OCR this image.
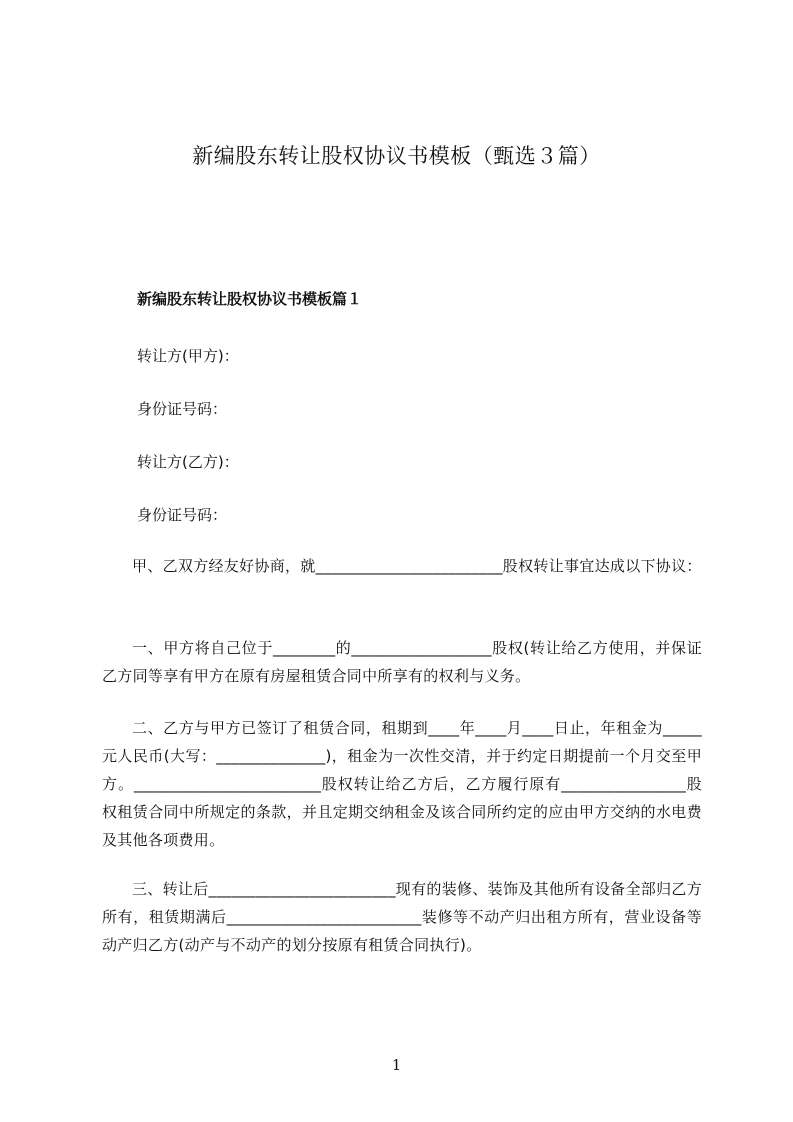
新编股东转让股权协议书模板（甄选３篇）
新编股东转让股权协议书模板篇１

转让方(甲方)：

身份证号码：

转让方(乙方)：

身份证号码：

甲、乙双方经友好协商，就________________________股权转让事宜达成以下协议：

一、甲方将自己位于________的__________________股权(转让给乙方使用，并保证乙方同等享有甲方在原有房屋租赁合同中所享有的权利与义务。

二、乙方与甲方已签订了租赁合同，租期到____年____月____日止，年租金为_____元人民币(大写：______________)，租金为一次性交清，并于约定日期提前一个月交至甲方。________________________股权转让给乙方后，乙方履行原有________________股权租赁合同中所规定的条款，并且定期交纳租金及该合同所约定的应由甲方交纳的水电费及其他各项费用。

三、转让后________________________现有的装修、装饰及其他所有设备全部归乙方所有，租赁期满后_________________________装修等不动产归出租方所有，营业设备等动产归乙方(动产与不动产的划分按原有租赁合同执行)。

1
